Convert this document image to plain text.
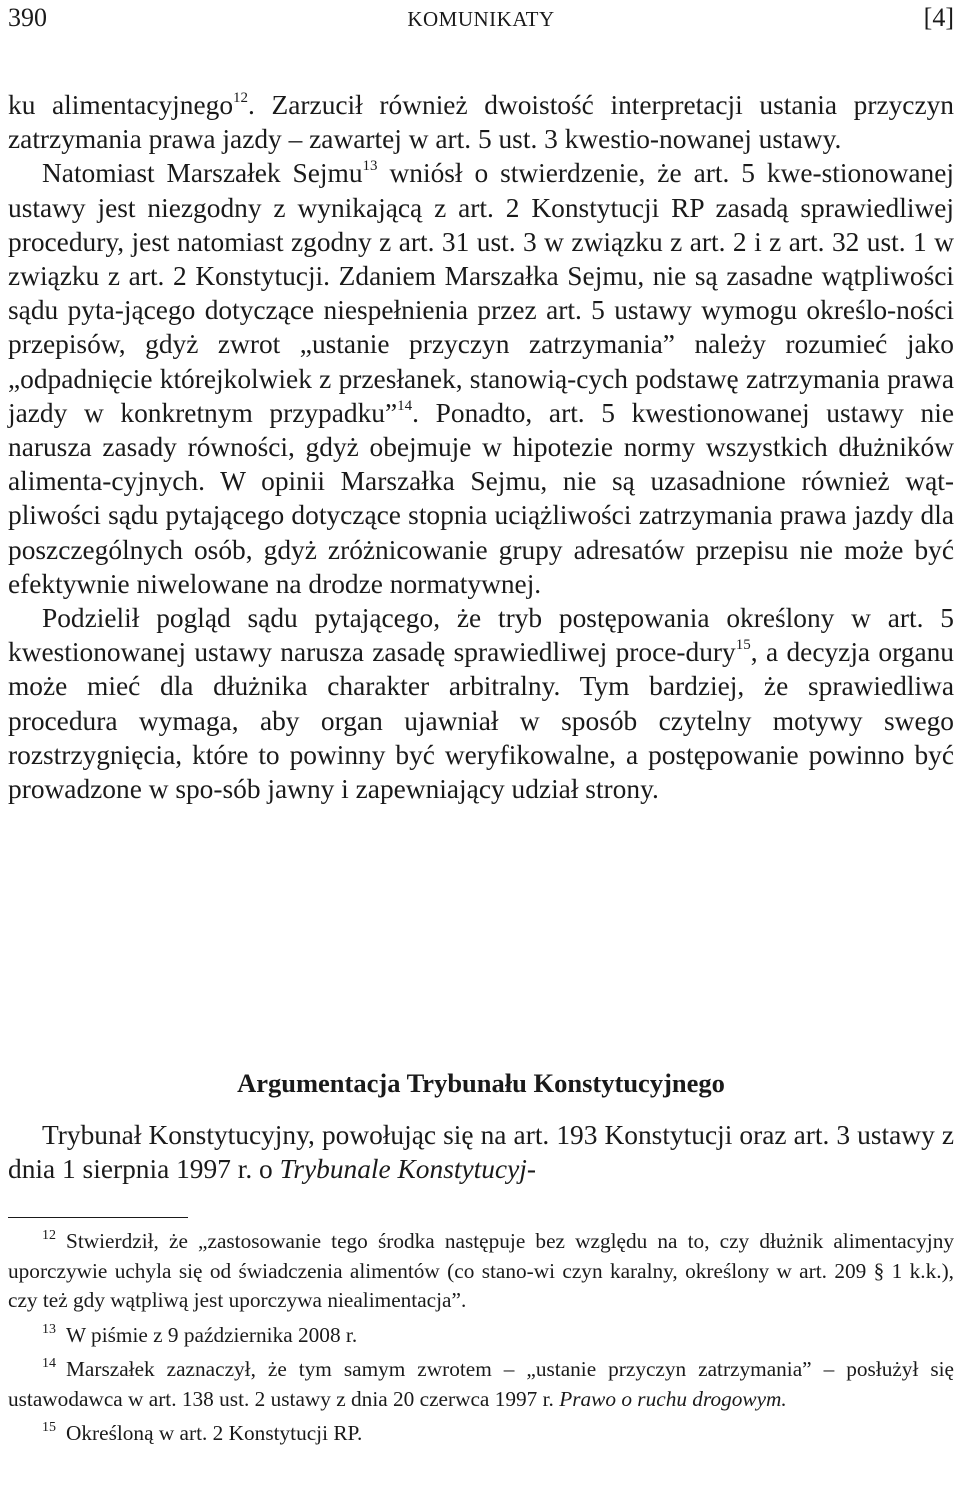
390	KOMUNIKATY	[4]

ku alimentacyjnego$^{12}$. Zarzucił również dwoistość interpretacji ustania przyczyn zatrzymania prawa jazdy – zawartej w art. 5 ust. 3 kwestio-nowanej ustawy.

Natomiast Marszałek Sejmu$^{13}$ wniósł o stwierdzenie, że art. 5 kwe-stionowanej ustawy jest niezgodny z wynikającą z art. 2 Konstytucji RP zasadą sprawiedliwej procedury, jest natomiast zgodny z art. 31 ust. 3 w związku z art. 2 i z art. 32 ust. 1 w związku z art. 2 Konstytucji. Zdaniem Marszałka Sejmu, nie są zasadne wątpliwości sądu pyta-jącego dotyczące niespełnienia przez art. 5 ustawy wymogu określo-ności przepisów, gdyż zwrot „ustanie przyczyn zatrzymania” należy rozumieć jako „odpadnięcie którejkolwiek z przesłanek, stanowią-cych podstawę zatrzymania prawa jazdy w konkretnym przypadku”$^{14}$. Ponadto, art. 5 kwestionowanej ustawy nie narusza zasady równości, gdyż obejmuje w hipotezie normy wszystkich dłużników alimenta-cyjnych. W opinii Marszałka Sejmu, nie są uzasadnione również wąt-pliwości sądu pytającego dotyczące stopnia uciążliwości zatrzymania prawa jazdy dla poszczególnych osób, gdyż zróżnicowanie grupy adresatów przepisu nie może być efektywnie niwelowane na drodze normatywnej.

Podzielił pogląd sądu pytającego, że tryb postępowania określony w art. 5 kwestionowanej ustawy narusza zasadę sprawiedliwej proce-dury$^{15}$, a decyzja organu może mieć dla dłużnika charakter arbitralny. Tym bardziej, że sprawiedliwa procedura wymaga, aby organ ujawniał w sposób czytelny motywy swego rozstrzygnięcia, które to powinny być weryfikowalne, a postępowanie powinno być prowadzone w spo-sób jawny i zapewniający udział strony.

Argumentacja Trybunału Konstytucyjnego

Trybunał Konstytucyjny, powołując się na art. 193 Konstytucji oraz art. 3 ustawy z dnia 1 sierpnia 1997 r. o Trybunale Konstytucyj-

$^{12}$ Stwierdził, że „zastosowanie tego środka następuje bez względu na to, czy dłużnik alimentacyjny uporczywie uchyla się od świadczenia alimentów (co stano-wi czyn karalny, określony w art. 209 § 1 k.k.), czy też gdy wątpliwą jest uporczywa niealimentacja”.

$^{13}$ W piśmie z 9 października 2008 r.

$^{14}$ Marszałek zaznaczył, że tym samym zwrotem – „ustanie przyczyn zatrzymania” – posłużył się ustawodawca w art. 138 ust. 2 ustawy z dnia 20 czerwca 1997 r. Prawo o ruchu drogowym.

$^{15}$ Określoną w art. 2 Konstytucji RP.
